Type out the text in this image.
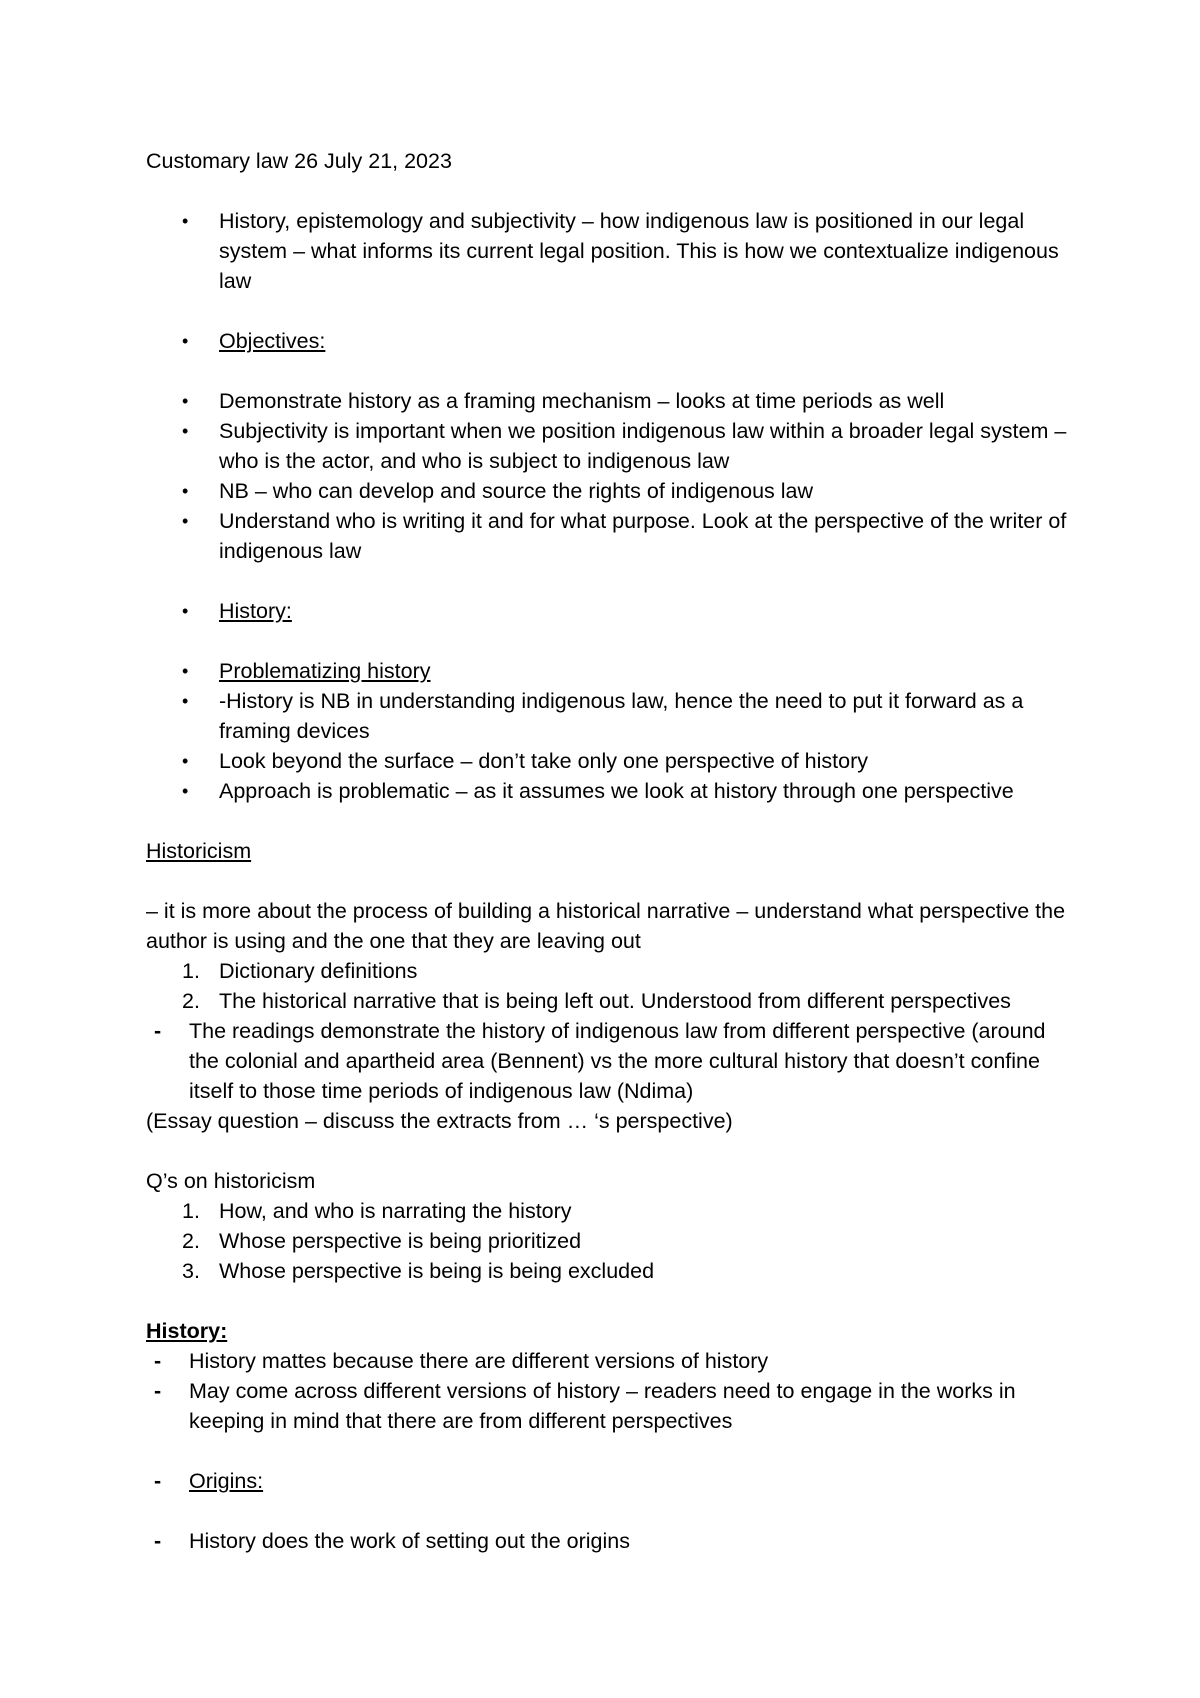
Customary law 26 July 21, 2023

• History, epistemology and subjectivity – how indigenous law is positioned in our legal system – what informs its current legal position. This is how we contextualize indigenous law
• Objectives:
• Demonstrate history as a framing mechanism – looks at time periods as well
• Subjectivity is important when we position indigenous law within a broader legal system – who is the actor, and who is subject to indigenous law
• NB – who can develop and source the rights of indigenous law
• Understand who is writing it and for what purpose. Look at the perspective of the writer of indigenous law
• History:
• Problematizing history
• -History is NB in understanding indigenous law, hence the need to put it forward as a framing devices
• Look beyond the surface – don’t take only one perspective of history
• Approach is problematic – as it assumes we look at history through one perspective

Historicism

– it is more about the process of building a historical narrative – understand what perspective the author is using and the one that they are leaving out

1. Dictionary definitions
2. The historical narrative that is being left out. Understood from different perspectives
- The readings demonstrate the history of indigenous law from different perspective (around the colonial and apartheid area (Bennent) vs the more cultural history that doesn’t confine itself to those time periods of indigenous law (Ndima)

(Essay question – discuss the extracts from … ‘s perspective)

Q’s on historicism

1. How, and who is narrating the history
2. Whose perspective is being prioritized
3. Whose perspective is being is being excluded

History:

- History mattes because there are different versions of history
- May come across different versions of history – readers need to engage in the works in keeping in mind that there are from different perspectives
- Origins:
- History does the work of setting out the origins
